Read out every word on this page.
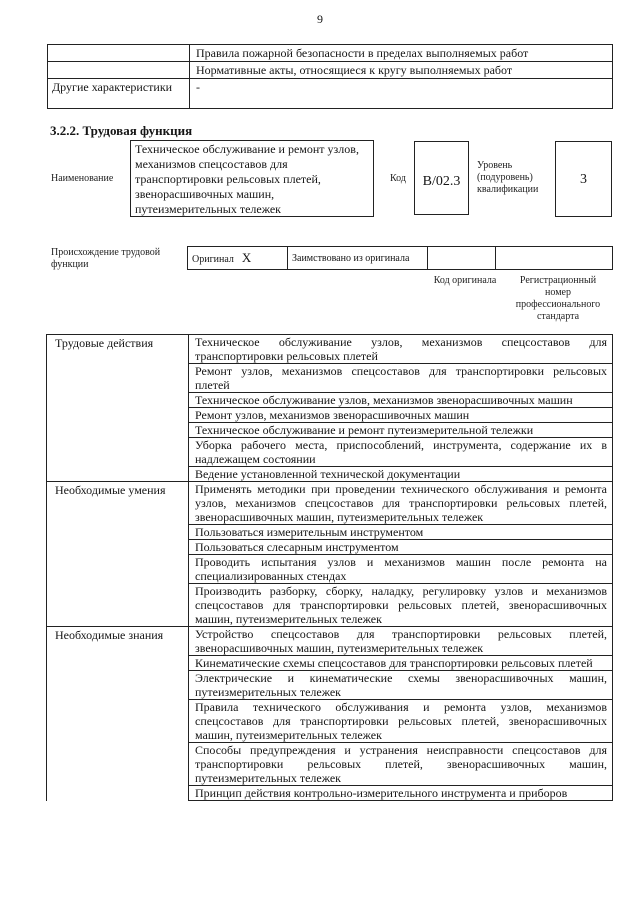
9
	Правила пожарной безопасности в пределах выполняемых работ
	Нормативные акты, относящиеся к кругу выполняемых работ
Другие характеристики	-
3.2.2. Трудовая функция
Наименование
Техническое обслуживание и ремонт узлов, механизмов спецсоставов для транспортировки рельсовых плетей, звенорасшивочных машин, путеизмерительных тележек
Код	B/02.3
Уровень (подуровень) квалификации
3
Происхождение трудовой функции	Оригинал X	Заимствовано из оригинала		
Код оригинала	Регистрационный номер профессионального стандарта
Трудовые действия	Техническое обслуживание узлов, механизмов спецсоставов для транспортировки рельсовых плетей
	Ремонт узлов, механизмов спецсоставов для транспортировки рельсовых плетей
	Техническое обслуживание узлов, механизмов звенорасшивочных машин
	Ремонт узлов, механизмов звенорасшивочных машин
	Техническое обслуживание и ремонт путеизмерительной тележки
	Уборка рабочего места, приспособлений, инструмента, содержание их в надлежащем состоянии
	Ведение установленной технической документации
Необходимые умения	Применять методики при проведении технического обслуживания и ремонта узлов, механизмов спецсоставов для транспортировки рельсовых плетей, звенорасшивочных машин, путеизмерительных тележек
	Пользоваться измерительным инструментом
	Пользоваться слесарным инструментом
	Проводить испытания узлов и механизмов машин после ремонта на специализированных стендах
	Производить разборку, сборку, наладку, регулировку узлов и механизмов спецсоставов для транспортировки рельсовых плетей, звенорасшивочных машин, путеизмерительных тележек
Необходимые знания	Устройство спецсоставов для транспортировки рельсовых плетей, звенорасшивочных машин, путеизмерительных тележек
	Кинематические схемы спецсоставов для транспортировки рельсовых плетей
	Электрические и кинематические схемы звенорасшивочных машин, путеизмерительных тележек
	Правила технического обслуживания и ремонта узлов, механизмов спецсоставов для транспортировки рельсовых плетей, звенорасшивочных машин, путеизмерительных тележек
	Способы предупреждения и устранения неисправности спецсоставов для транспортировки рельсовых плетей, звенорасшивочных машин, путеизмерительных тележек
	Принцип действия контрольно-измерительного инструмента и приборов
